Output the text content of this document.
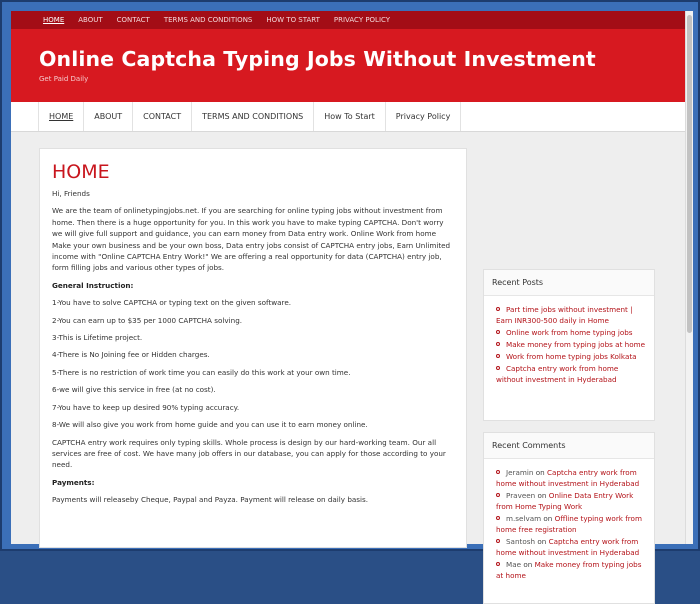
HOME ABOUT CONTACT TERMS AND CONDITIONS HOW TO START PRIVACY POLICY
Online Captcha Typing Jobs Without Investment
Get Paid Daily
HOME	ABOUT	CONTACT	TERMS AND CONDITIONS	How To Start	Privacy Policy
HOME

Hi, Friends

We are the team of onlinetypingjobs.net. If you are searching for online typing jobs without investment from home. Then there is a huge opportunity for you. In this work you have to make typing CAPTCHA. Don't worry we will give full support and guidance, you can earn money from Data entry work. Online Work from home Make your own business and be your own boss, Data entry jobs consist of CAPTCHA entry jobs, Earn Unlimited income with "Online CAPTCHA Entry Work!" We are offering a real opportunity for data (CAPTCHA) entry job, form filling jobs and various other types of jobs.

General Instruction:

1-You have to solve CAPTCHA or typing text on the given software.

2-You can earn up to $35 per 1000 CAPTCHA solving.

3-This is Lifetime project.

4-There is No Joining fee or Hidden charges.

5-There is no restriction of work time you can easily do this work at your own time.

6-we will give this service in free (at no cost).

7-You have to keep up desired 90% typing accuracy.

8-We will also give you work from home guide and you can use it to earn money online.

CAPTCHA entry work requires only typing skills. Whole process is design by our hard-working team. Our all services are free of cost. We have many job offers in our database, you can apply for those according to your need.

Payments:

Payments will releaseby Cheque, Paypal and Payza. Payment will release on daily basis.

Recent Posts
Part time jobs without investment | Earn INR300-500 daily in Home
Online work from home typing jobs
Make money from typing jobs at home
Work from home typing jobs Kolkata
Captcha entry work from home without investment in Hyderabad
Recent Comments
Jeramin on Captcha entry work from home without investment in Hyderabad
Praveen on Online Data Entry Work from Home Typing Work
m.selvam on Offline typing work from home free registration
Santosh on Captcha entry work from home without investment in Hyderabad
Mae on Make money from typing jobs at home
